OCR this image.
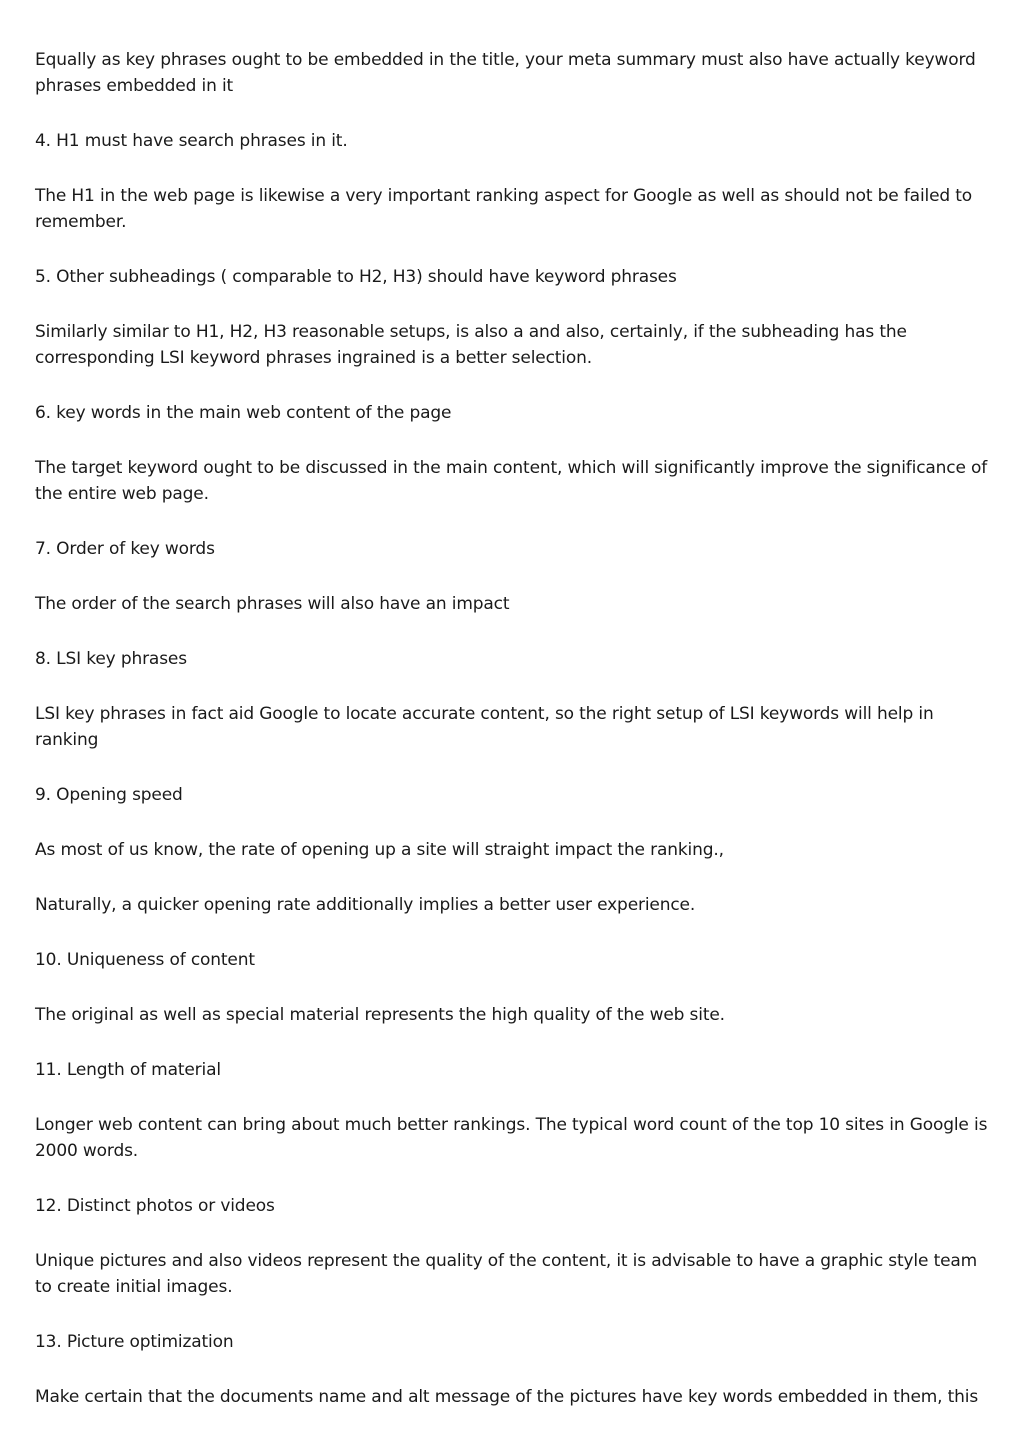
Equally as key phrases ought to be embedded in the title, your meta summary must also have actually keyword phrases embedded in it

4. H1 must have search phrases in it.

The H1 in the web page is likewise a very important ranking aspect for Google as well as should not be failed to remember.

5. Other subheadings ( comparable to H2, H3) should have keyword phrases

Similarly similar to H1, H2, H3 reasonable setups, is also a and also, certainly, if the subheading has the corresponding LSI keyword phrases ingrained is a better selection.

6. key words in the main web content of the page

The target keyword ought to be discussed in the main content, which will significantly improve the significance of the entire web page.

7. Order of key words

The order of the search phrases will also have an impact

8. LSI key phrases

LSI key phrases in fact aid Google to locate accurate content, so the right setup of LSI keywords will help in ranking

9. Opening speed

As most of us know, the rate of opening up a site will straight impact the ranking.,

Naturally, a quicker opening rate additionally implies a better user experience.

10. Uniqueness of content

The original as well as special material represents the high quality of the web site.

11. Length of material

Longer web content can bring about much better rankings. The typical word count of the top 10 sites in Google is 2000 words.

12. Distinct photos or videos

Unique pictures and also videos represent the quality of the content, it is advisable to have a graphic style team to create initial images.

13. Picture optimization

Make certain that the documents name and alt message of the pictures have key words embedded in them, this
